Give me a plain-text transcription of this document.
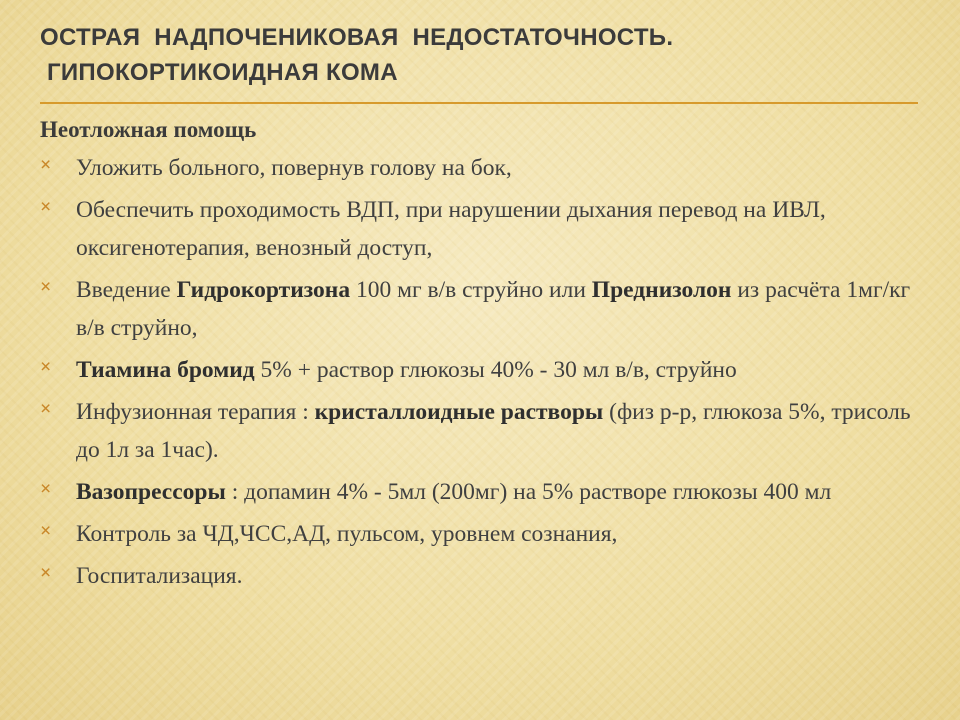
ОСТРАЯ  НАДПОЧЕНИКОВАЯ  НЕДОСТАТОЧНОСТЬ.
ГИПОКОРТИКОИДНАЯ КОМА

Неотложная помощь

× Уложить больного, повернув голову на бок,
× Обеспечить проходимость ВДП, при нарушении дыхания перевод на ИВЛ, оксигенотерапия, венозный доступ,
× Введение Гидрокортизона 100 мг в/в струйно или Преднизолон из расчёта 1мг/кг в/в струйно,
× Тиамина бромид 5% + раствор глюкозы 40% - 30 мл в/в, струйно
× Инфузионная терапия : кристаллоидные растворы (физ р-р, глюкоза 5%, трисоль до 1л за 1час).
× Вазопрессоры : допамин 4% - 5мл (200мг) на 5% растворе глюкозы 400 мл
× Контроль за ЧД,ЧСС,АД, пульсом, уровнем сознания,
× Госпитализация.
